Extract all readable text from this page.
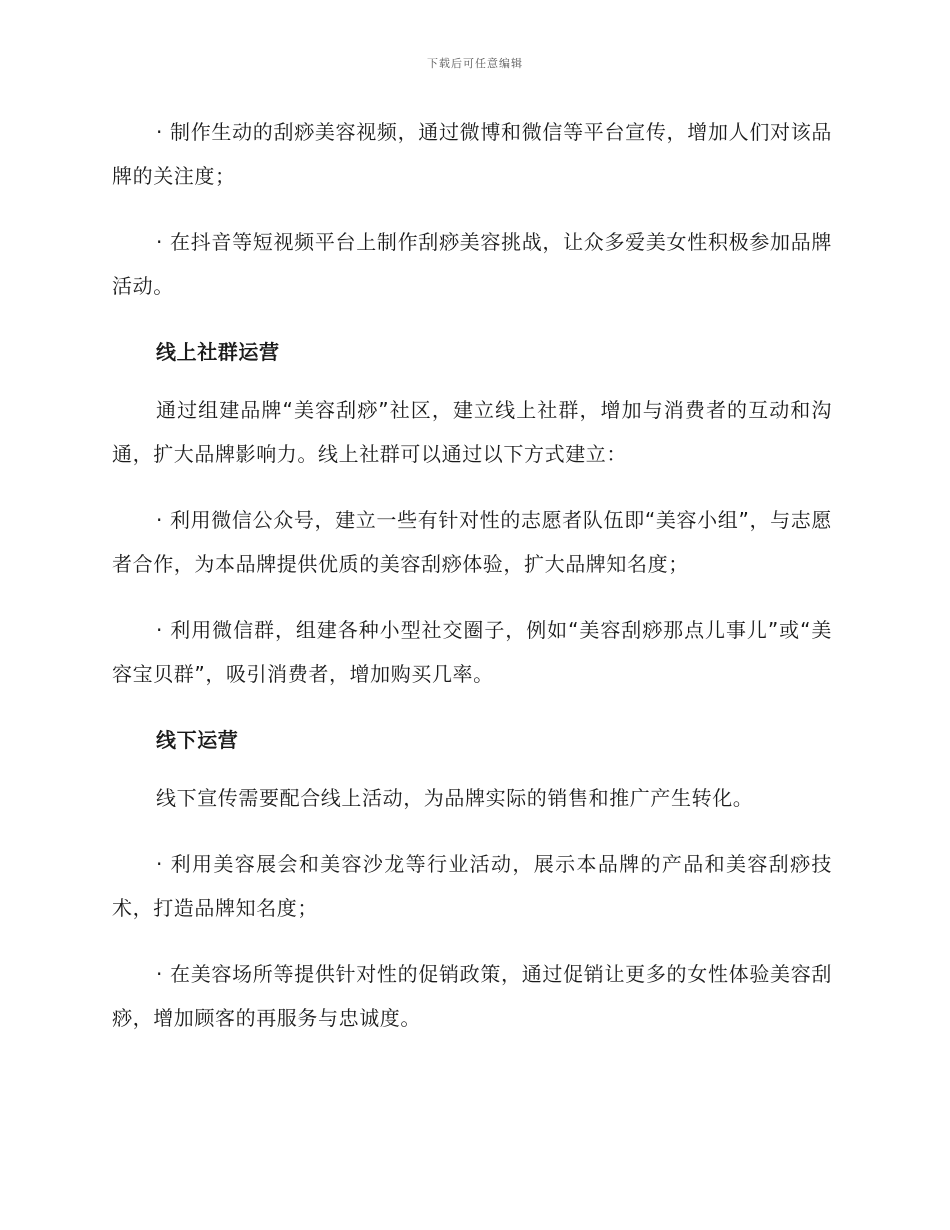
下载后可任意编辑

· 制作生动的刮痧美容视频，通过微博和微信等平台宣传，增加人们对该品牌的关注度；

· 在抖音等短视频平台上制作刮痧美容挑战，让众多爱美女性积极参加品牌活动。

线上社群运营

通过组建品牌“美容刮痧”社区，建立线上社群，增加与消费者的互动和沟通，扩大品牌影响力。线上社群可以通过以下方式建立：

· 利用微信公众号，建立一些有针对性的志愿者队伍即“美容小组”，与志愿者合作，为本品牌提供优质的美容刮痧体验，扩大品牌知名度；

· 利用微信群，组建各种小型社交圈子，例如“美容刮痧那点儿事儿”或“美容宝贝群”，吸引消费者，增加购买几率。

线下运营

线下宣传需要配合线上活动，为品牌实际的销售和推广产生转化。

· 利用美容展会和美容沙龙等行业活动，展示本品牌的产品和美容刮痧技术，打造品牌知名度；

· 在美容场所等提供针对性的促销政策，通过促销让更多的女性体验美容刮痧，增加顾客的再服务与忠诚度。
